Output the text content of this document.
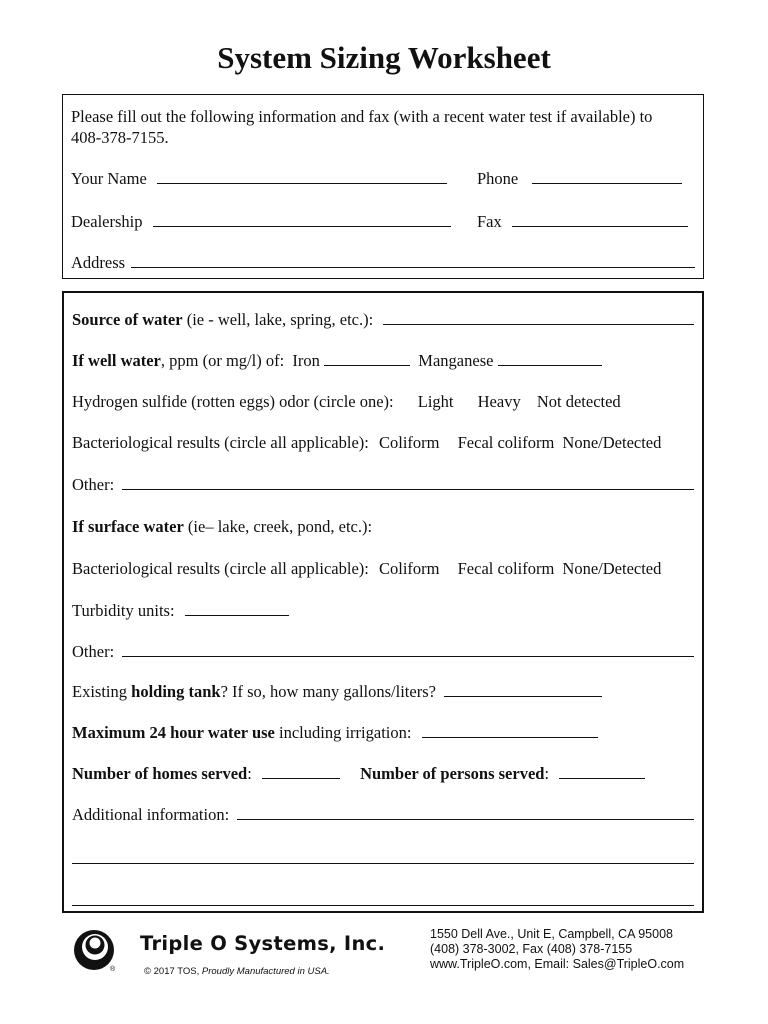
System Sizing Worksheet
Please fill out the following information and fax (with a recent water test if available) to
408-378-7155.
Your Name	Phone
Dealership	Fax
Address
Source of water (ie - well, lake, spring, etc.):
If well water, ppm (or mg/l) of: Iron	Manganese
Hydrogen sulfide (rotten eggs) odor (circle one): Light Heavy Not detected
Bacteriological results (circle all applicable): Coliform Fecal coliform None/Detected
Other:
If surface water (ie– lake, creek, pond, etc.):
Bacteriological results (circle all applicable): Coliform Fecal coliform None/Detected
Turbidity units:
Other:
Existing holding tank? If so, how many gallons/liters?
Maximum 24 hour water use including irrigation:
Number of homes served:	Number of persons served:
Additional information:
®
Triple O Systems, Inc.
© 2017 TOS, Proudly Manufactured in USA.
1550 Dell Ave., Unit E, Campbell, CA 95008
(408) 378-3002, Fax (408) 378-7155
www.TripleO.com, Email: Sales@TripleO.com
